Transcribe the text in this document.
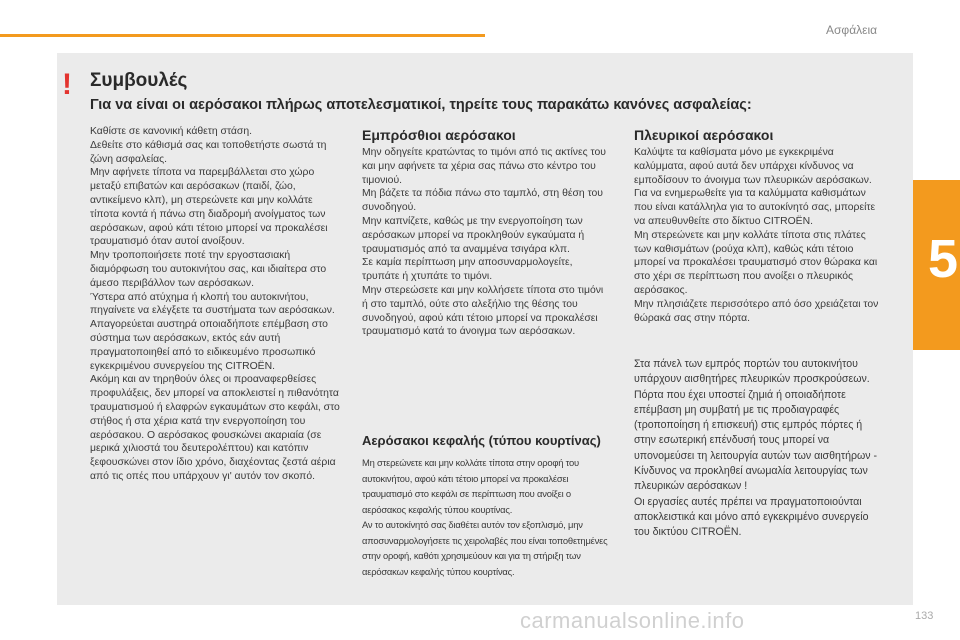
Ασφάλεια
5
! Συμβουλές
Για να είναι οι αερόσακοι πλήρως αποτελεσματικοί, τηρείτε τους παρακάτω κανόνες ασφαλείας:

Καθίστε σε κανονική κάθετη στάση.
Δεθείτε στο κάθισμά σας και τοποθετήστε σωστά τη ζώνη ασφαλείας.
Μην αφήνετε τίποτα να παρεμβάλλεται στο χώρο μεταξύ επιβατών και αερόσακων (παιδί, ζώο, αντικείμενο κλπ), μη στερεώνετε και μην κολλάτε τίποτα κοντά ή πάνω στη διαδρομή ανοίγματος των αερόσακων, αφού κάτι τέτοιο μπορεί να προκαλέσει τραυματισμό όταν αυτοί ανοίξουν.
Μην τροποποιήσετε ποτέ την εργοστασιακή διαμόρφωση του αυτοκινήτου σας, και ιδιαίτερα στο άμεσο περιβάλλον των αερόσακων.
Ύστερα από ατύχημα ή κλοπή του αυτοκινήτου, πηγαίνετε να ελέγξετε τα συστήματα των αερόσακων.
Απαγορεύεται αυστηρά οποιαδήποτε επέμβαση στο σύστημα των αερόσακων, εκτός εάν αυτή πραγματοποιηθεί από το ειδικευμένο προσωπικό εγκεκριμένου συνεργείου της CITROËN.
Ακόμη και αν τηρηθούν όλες οι προαναφερθείσες προφυλάξεις, δεν μπορεί να αποκλειστεί η πιθανότητα τραυματισμού ή ελαφρών εγκαυμάτων στο κεφάλι, στο στήθος ή στα χέρια κατά την ενεργοποίηση του αερόσακου. Ο αερόσακος φουσκώνει ακαριαία (σε μερικά χιλιοστά του δευτερολέπτου) και κατόπιν ξεφουσκώνει στον ίδιο χρόνο, διαχέοντας ζεστά αέρια από τις οπές που υπάρχουν γι' αυτόν τον σκοπό.

Εμπρόσθιοι αερόσακοι

Μην οδηγείτε κρατώντας το τιμόνι από τις ακτίνες του και μην αφήνετε τα χέρια σας πάνω στο κέντρο του τιμονιού.
Μη βάζετε τα πόδια πάνω στο ταμπλό, στη θέση του συνοδηγού.
Μην καπνίζετε, καθώς με την ενεργοποίηση των αερόσακων μπορεί να προκληθούν εγκαύματα ή τραυματισμός από τα αναμμένα τσιγάρα κλπ.
Σε καμία περίπτωση μην αποσυναρμολογείτε, τρυπάτε ή χτυπάτε το τιμόνι.
Μην στερεώσετε και μην κολλήσετε τίποτα στο τιμόνι ή στο ταμπλό, ούτε στο αλεξήλιο της θέσης του συνοδηγού, αφού κάτι τέτοιο μπορεί να προκαλέσει τραυματισμό κατά το άνοιγμα των αερόσακων.

Αερόσακοι κεφαλής (τύπου κουρτίνας)

Μη στερεώνετε και μην κολλάτε τίποτα στην οροφή του αυτοκινήτου, αφού κάτι τέτοιο μπορεί να προκαλέσει τραυματισμό στο κεφάλι σε περίπτωση που ανοίξει ο αερόσακος κεφαλής τύπου κουρτίνας.
Αν το αυτοκίνητό σας διαθέτει αυτόν τον εξοπλισμό, μην αποσυναρμολογήσετε τις χειρολαβές που είναι τοποθετημένες στην οροφή, καθότι χρησιμεύουν και για τη στήριξη των αερόσακων κεφαλής τύπου κουρτίνας.

Πλευρικοί αερόσακοι

Καλύψτε τα καθίσματα μόνο με εγκεκριμένα καλύμματα, αφού αυτά δεν υπάρχει κίνδυνος να εμποδίσουν το άνοιγμα των πλευρικών αερόσακων. Για να ενημερωθείτε για τα καλύμματα καθισμάτων που είναι κατάλληλα για το αυτοκίνητό σας, μπορείτε να απευθυνθείτε στο δίκτυο CITROËN.
Μη στερεώνετε και μην κολλάτε τίποτα στις πλάτες των καθισμάτων (ρούχα κλπ), καθώς κάτι τέτοιο μπορεί να προκαλέσει τραυματισμό στον θώρακα και στο χέρι σε περίπτωση που ανοίξει ο πλευρικός αερόσακος.
Μην πλησιάζετε περισσότερο από όσο χρειάζεται τον θώρακά σας στην πόρτα.

Στα πάνελ των εμπρός πορτών του αυτοκινήτου υπάρχουν αισθητήρες πλευρικών προσκρούσεων.
Πόρτα που έχει υποστεί ζημιά ή οποιαδήποτε επέμβαση μη συμβατή με τις προδιαγραφές (τροποποίηση ή επισκευή) στις εμπρός πόρτες ή στην εσωτερική επένδυσή τους μπορεί να υπονομεύσει τη λειτουργία αυτών των αισθητήρων - Κίνδυνος να προκληθεί ανωμαλία λειτουργίας των πλευρικών αερόσακων !
Οι εργασίες αυτές πρέπει να πραγματοποιούνται αποκλειστικά και μόνο από εγκεκριμένο συνεργείο του δικτύου CITROËN.

carmanualsonline.info	133
